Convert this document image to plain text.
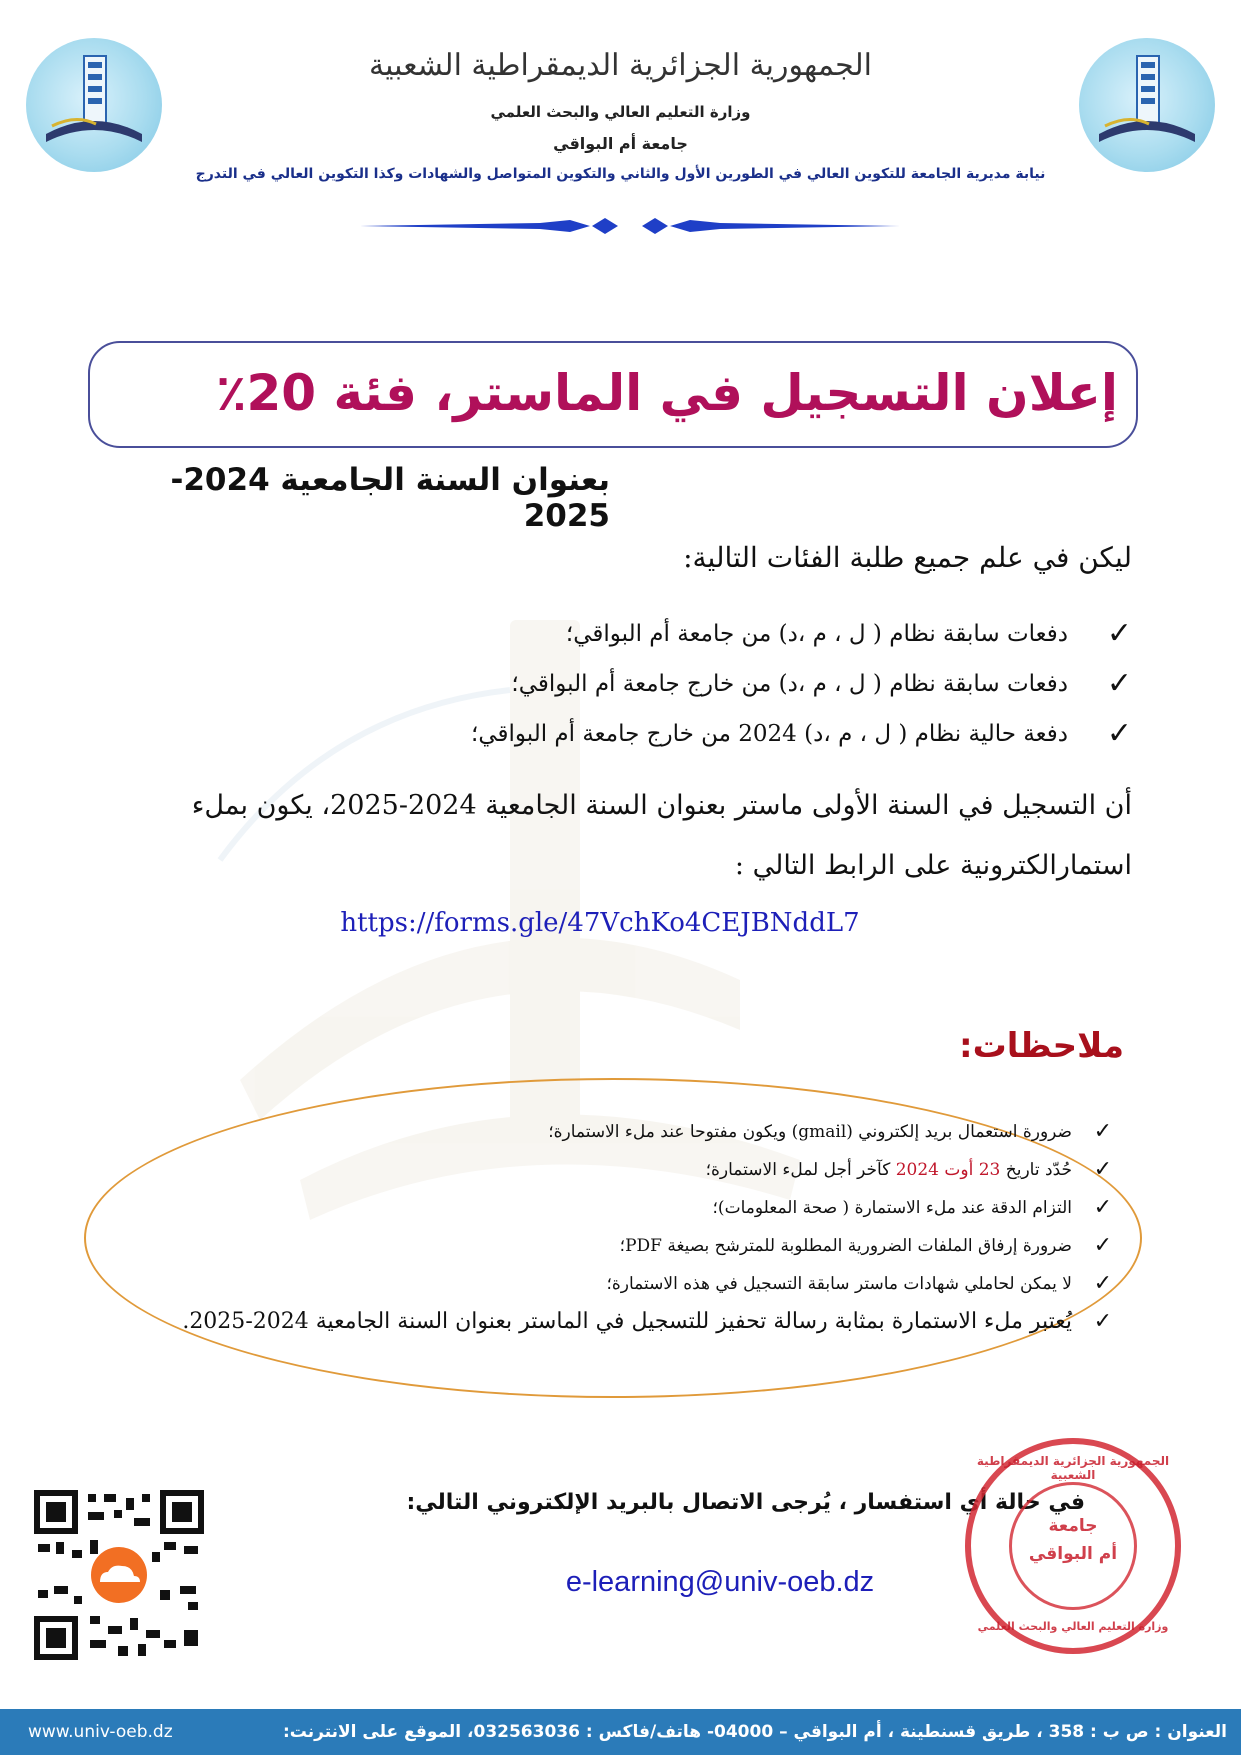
الجمهورية الجزائرية الديمقراطية الشعبية
وزارة التعليم العالي والبحث العلمي
جامعة أم البواقي
نيابة مديرية الجامعة للتكوين العالي في الطورين الأول والثاني والتكوين المتواصل والشهادات وكذا التكوين العالي في التدرج
إعلان التسجيل في الماستر، فئة 20٪
بعنوان السنة الجامعية 2024-2025
ليكن في علم جميع طلبة الفئات التالية:
✓
دفعات سابقة نظام ( ل ، م ،د) من جامعة أم البواقي؛
✓
دفعات سابقة نظام ( ل ، م ،د) من خارج جامعة أم البواقي؛
✓
دفعة حالية نظام ( ل ، م ،د) 2024 من خارج جامعة أم البواقي؛
أن التسجيل في السنة الأولى ماستر بعنوان السنة الجامعية 2024-2025، يكون بملء استمارالكترونية على الرابط التالي :
https://forms.gle/47VchKo4CEJBNddL7
ملاحظات:
✓
ضرورة استعمال بريد إلكتروني (gmail) ويكون مفتوحا عند ملء الاستمارة؛
✓
حُدّد تاريخ 23 أوت 2024 كآخر أجل لملء الاستمارة؛
✓
التزام الدقة عند ملء الاستمارة ( صحة المعلومات)؛
✓
ضرورة إرفاق الملفات الضرورية المطلوبة للمترشح بصيغة PDF؛
✓
لا يمكن لحاملي شهادات ماستر سابقة التسجيل في هذه الاستمارة؛
✓
يُعتبر ملء الاستمارة بمثابة رسالة تحفيز للتسجيل في الماستر بعنوان السنة الجامعية 2024-2025.
في حالة أي استفسار ، يُرجى الاتصال بالبريد الإلكتروني التالي:
e-learning@univ-oeb.dz
الجمهورية الجزائرية الديمقراطية الشعبية
جامعة
أم البواقي
وزارة التعليم العالي والبحث العلمي
العنوان : ص ب : 358 ، طريق قسنطينة ، أم البواقي – 04000- هاتف/فاكس : 032563036، الموقع على الانترنت:
www.univ-oeb.dz
